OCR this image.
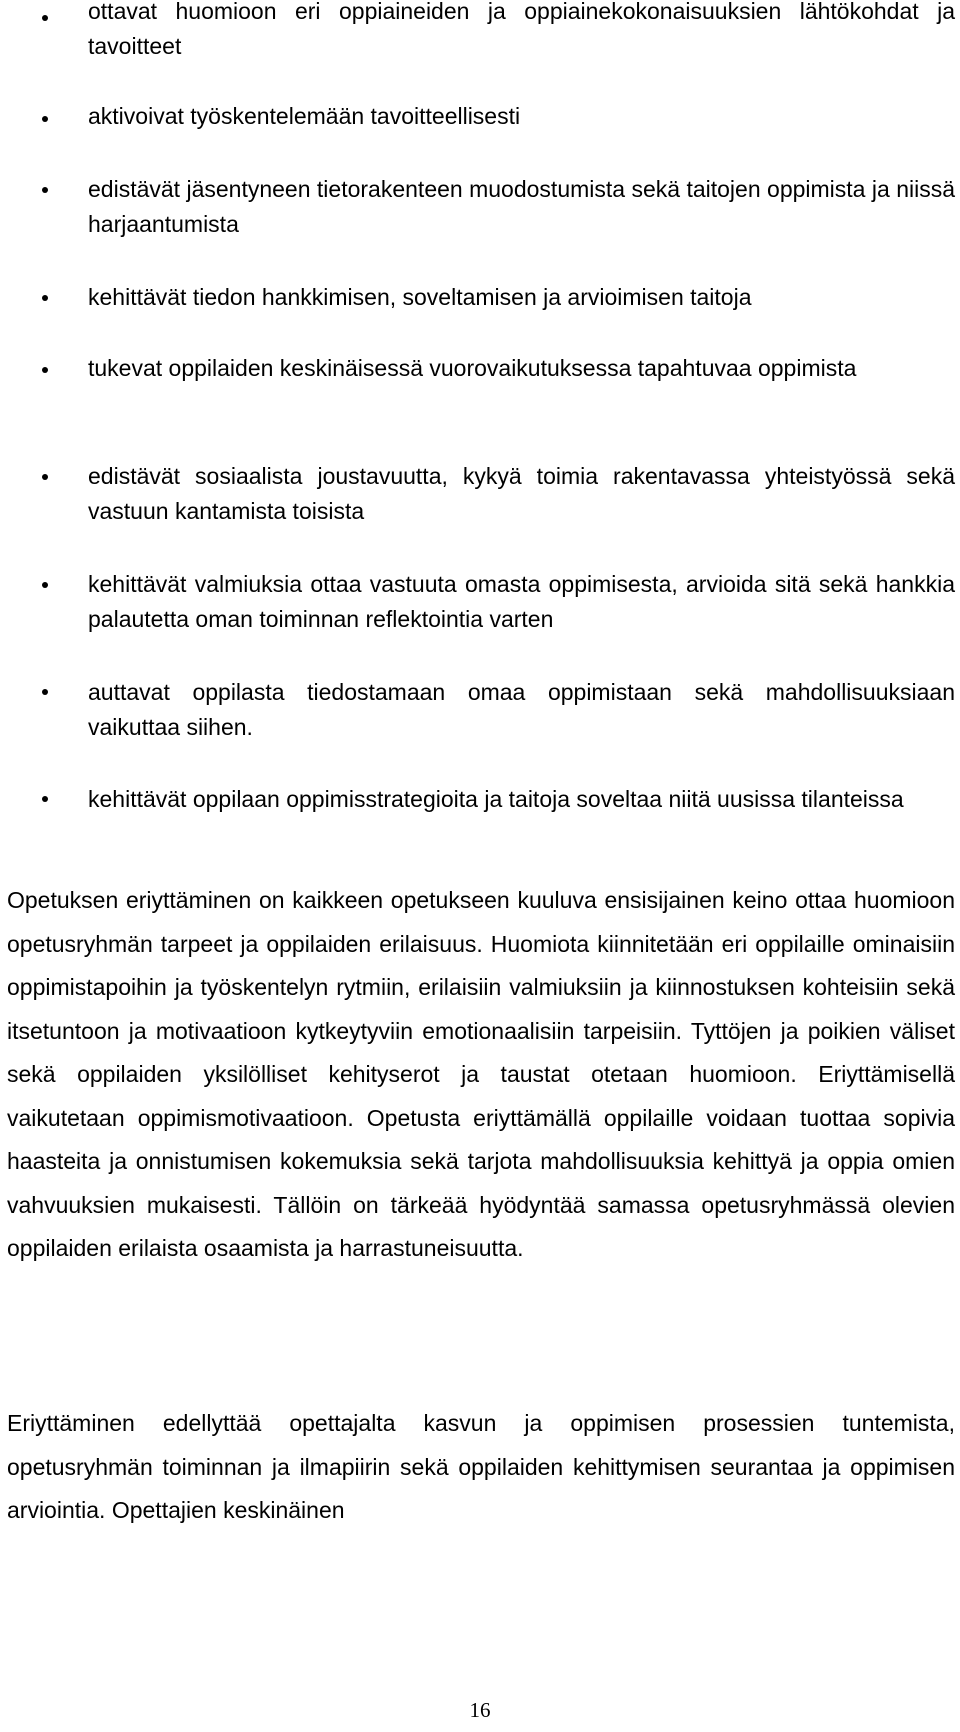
ottavat huomioon eri oppiaineiden ja oppiainekokonaisuuksien lähtökohdat ja tavoitteet
aktivoivat työskentelemään tavoitteellisesti
edistävät jäsentyneen tietorakenteen muodostumista sekä taitojen oppimista ja niissä harjaantumista
kehittävät tiedon hankkimisen, soveltamisen ja arvioimisen taitoja
tukevat oppilaiden keskinäisessä vuorovaikutuksessa tapahtuvaa oppimista
edistävät sosiaalista joustavuutta, kykyä toimia rakentavassa yhteistyössä sekä vastuun kantamista toisista
kehittävät valmiuksia ottaa vastuuta omasta oppimisesta, arvioida sitä sekä hankkia palautetta oman toiminnan reflektointia varten
auttavat oppilasta tiedostamaan omaa oppimistaan sekä mahdollisuuksiaan vaikuttaa siihen.
kehittävät oppilaan oppimisstrategioita ja taitoja soveltaa niitä uusissa tilanteissa

Opetuksen eriyttäminen on kaikkeen opetukseen kuuluva ensisijainen keino ottaa huomioon opetusryhmän tarpeet ja oppilaiden erilaisuus. Huomiota kiinnitetään eri oppilaille ominaisiin oppimistapoihin ja työskentelyn rytmiin, erilaisiin valmiuksiin ja kiinnostuksen kohteisiin sekä itsetuntoon ja motivaatioon kytkeytyviin emotionaalisiin tarpeisiin. Tyttöjen ja poikien väliset sekä oppilaiden yksilölliset kehityserot ja taustat otetaan huomioon. Eriyttämisellä vaikutetaan oppimismotivaatioon. Opetusta eriyttämällä oppilaille voidaan tuottaa sopivia haasteita ja onnistumisen kokemuksia sekä tarjota mahdollisuuksia kehittyä ja oppia omien vahvuuksien mukaisesti. Tällöin on tärkeää hyödyntää samassa opetusryhmässä olevien oppilaiden erilaista osaamista ja harrastuneisuutta.

Eriyttäminen edellyttää opettajalta kasvun ja oppimisen prosessien tuntemista, opetusryhmän toiminnan ja ilmapiirin sekä oppilaiden kehittymisen seurantaa ja oppimisen arviointia. Opettajien keskinäinen

16
